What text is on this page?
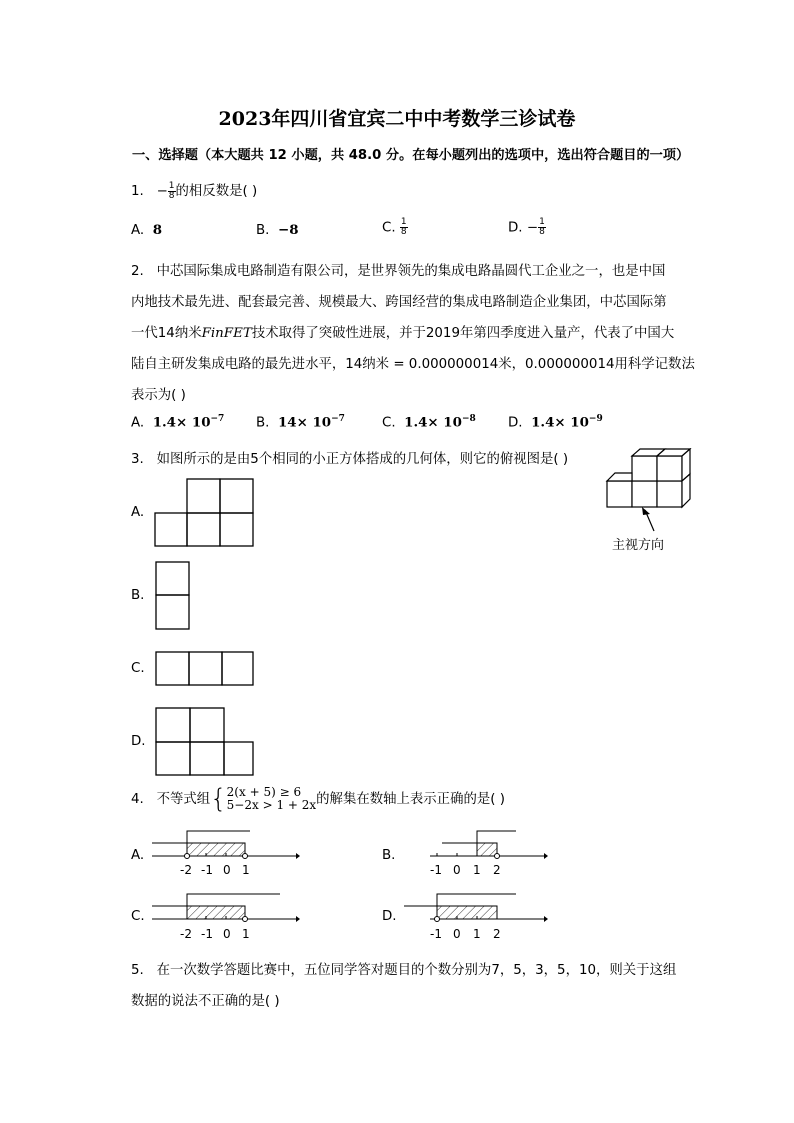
2023年四川省宜宾二中中考数学三诊试卷
一、选择题（本大题共 12 小题，共 48.0 分。在每小题列出的选项中，选出符合题目的一项）
1. − $\frac{1}{8}$ 的相反数是( )
A. 8	B. −8	C. $\frac{1}{8}$	D. − $\frac{1}{8}$
2. 中芯国际集成电路制造有限公司，是世界领先的集成电路晶圆代工企业之一，也是中国
内地技术最先进、配套最完善、规模最大、跨国经营的集成电路制造企业集团，中芯国际第
一代14纳米FinFET技术取得了突破性进展，并于2019年第四季度进入量产，代表了中国大
陆自主研发集成电路的最先进水平，14纳米 = 0.000000014米，0.000000014用科学记数法
表示为( )
A. $1.4\times 10^{-7}$ B. $14\times 10^{-7}$	C. $1.4\times 10^{-8}$ D. $1.4\times 10^{-9}$
3. 如图所示的是由5个相同的小正方体搭成的几何体，则它的俯视图是( )
主视方向
A.
B.
C.
D.
4. 不等式组{ 2(x + 5) ≥ 6
5−2x > 1 + 2x 的解集在数轴上表示正确的是( )
A.
-2 -1 0 1
B.
-1 0 1 2
C.
-2 -1 0 1
D.
-1 0 1 2
5. 在一次数学答题比赛中，五位同学答对题目的个数分别为7，5，3，5，10，则关于这组
数据的说法不正确的是( )
